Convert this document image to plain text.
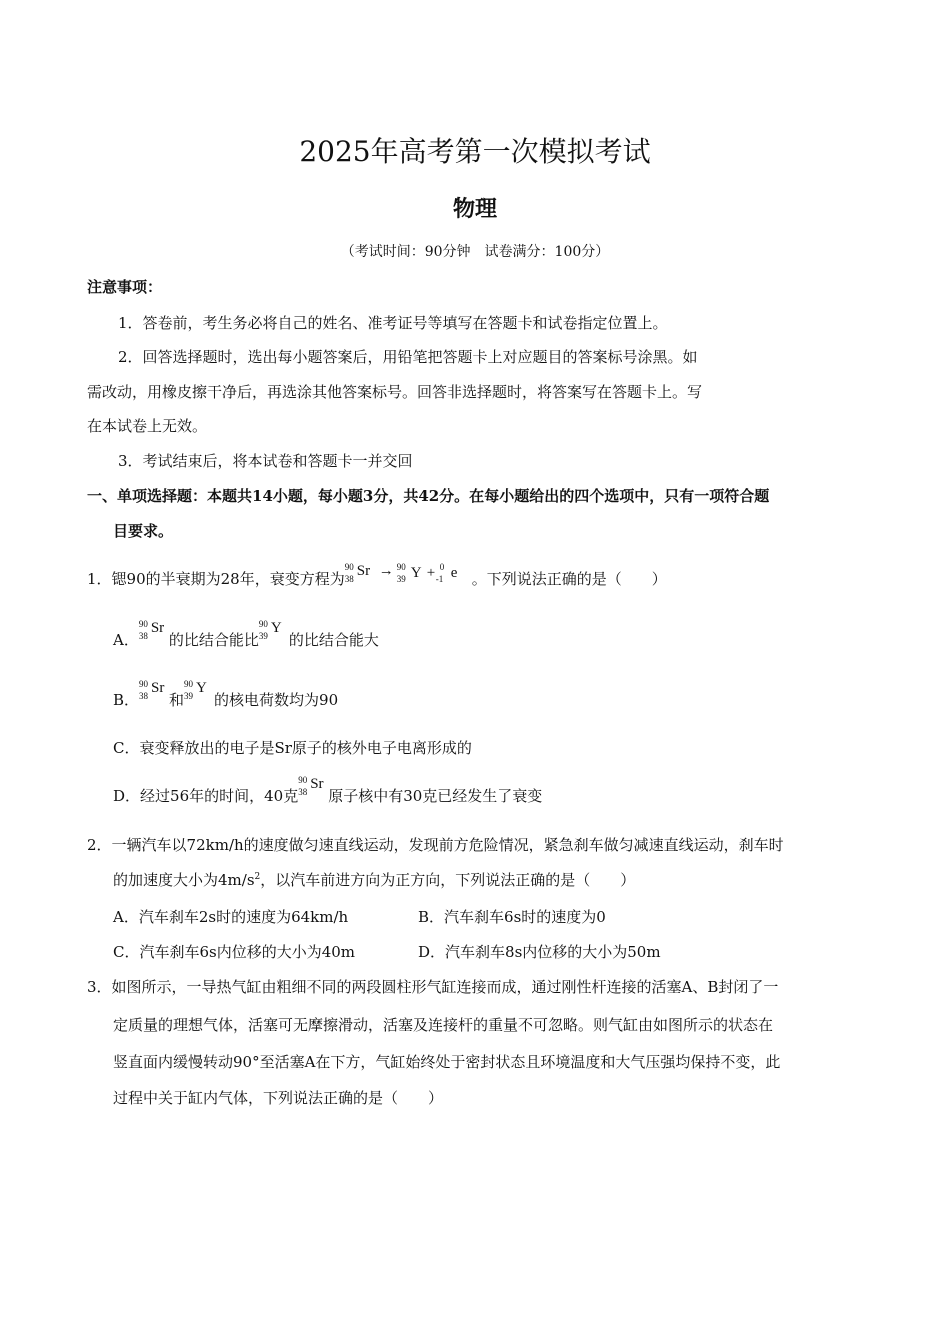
2025年高考第一次模拟考试
物理
（考试时间：90分钟　试卷满分：100分）
注意事项：
1．答卷前，考生务必将自己的姓名、准考证号等填写在答题卡和试卷指定位置上。
2．回答选择题时，选出每小题答案后，用铅笔把答题卡上对应题目的答案标号涂黑。如
需改动，用橡皮擦干净后，再选涂其他答案标号。回答非选择题时，将答案写在答题卡上。写
在本试卷上无效。
3．考试结束后，将本试卷和答题卡一并交回
一、单项选择题：本题共14小题，每小题3分，共42分。在每小题给出的四个选项中，只有一项符合题
目要求。
1．锶90的半衰期为28年，衰变方程为
90
38 Sr → 90
39 Y + 0
-1 e 。下列说法正确的是（　　）
A．
90
38 Sr
的比结合能比
90
39 Y
的比结合能大
B．
90
38 Sr
和
90
39 Y
的核电荷数均为90
C．衰变释放出的电子是Sr原子的核外电子电离形成的
D．经过56年的时间，40克
90
38 Sr
原子核中有30克已经发生了衰变
2．一辆汽车以72km/h的速度做匀速直线运动，发现前方危险情况，紧急刹车做匀减速直线运动，刹车时
的加速度大小为$4m/s^2$，以汽车前进方向为正方向，下列说法正确的是（　　）
A．汽车刹车2s时的速度为64km/h	B．汽车刹车6s时的速度为0
C．汽车刹车6s内位移的大小为40m	D．汽车刹车8s内位移的大小为50m
3．如图所示，一导热气缸由粗细不同的两段圆柱形气缸连接而成，通过刚性杆连接的活塞A、B封闭了一
定质量的理想气体，活塞可无摩擦滑动，活塞及连接杆的重量不可忽略。则气缸由如图所示的状态在
竖直面内缓慢转动90°至活塞A在下方，气缸始终处于密封状态且环境温度和大气压强均保持不变，此
过程中关于缸内气体，下列说法正确的是（　　）
